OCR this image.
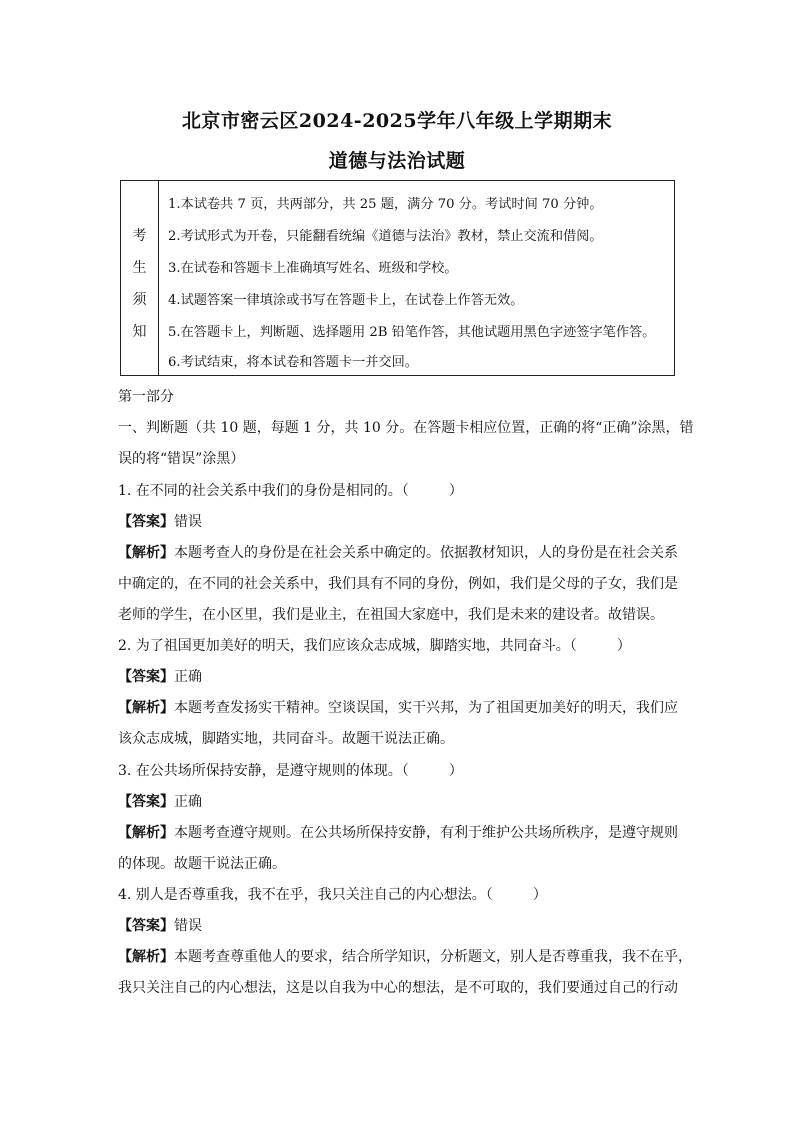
北京市密云区2024-2025学年八年级上学期期末
道德与法治试题
考
生
须
知
1.本试卷共 7 页，共两部分，共 25 题，满分 70 分。考试时间 70 分钟。
2.考试形式为开卷，只能翻看统编《道德与法治》教材，禁止交流和借阅。
3.在试卷和答题卡上准确填写姓名、班级和学校。
4.试题答案一律填涂或书写在答题卡上，在试卷上作答无效。
5.在答题卡上，判断题、选择题用 2B 铅笔作答，其他试题用黑色字迹签字笔作答。
6.考试结束，将本试卷和答题卡一并交回。
第一部分
一、判断题（共 10 题，每题 1 分，共 10 分。在答题卡相应位置，正确的将“正确”涂黑，错
误的将“错误”涂黑）
1. 在不同的社会关系中我们的身份是相同的。（	）
【答案】错误
【解析】本题考查人的身份是在社会关系中确定的。依据教材知识，人的身份是在社会关系
中确定的，在不同的社会关系中，我们具有不同的身份，例如，我们是父母的子女，我们是
老师的学生，在小区里，我们是业主，在祖国大家庭中，我们是未来的建设者。故错误。
2. 为了祖国更加美好的明天，我们应该众志成城，脚踏实地，共同奋斗。（	）
【答案】正确
【解析】本题考查发扬实干精神。空谈误国，实干兴邦，为了祖国更加美好的明天，我们应
该众志成城，脚踏实地，共同奋斗。故题干说法正确。
3. 在公共场所保持安静，是遵守规则的体现。（	）
【答案】正确
【解析】本题考查遵守规则。在公共场所保持安静，有利于维护公共场所秩序，是遵守规则
的体现。故题干说法正确。
4. 别人是否尊重我，我不在乎，我只关注自己的内心想法。（	）
【答案】错误
【解析】本题考查尊重他人的要求，结合所学知识，分析题文，别人是否尊重我，我不在乎，
我只关注自己的内心想法，这是以自我为中心的想法，是不可取的，我们要通过自己的行动
